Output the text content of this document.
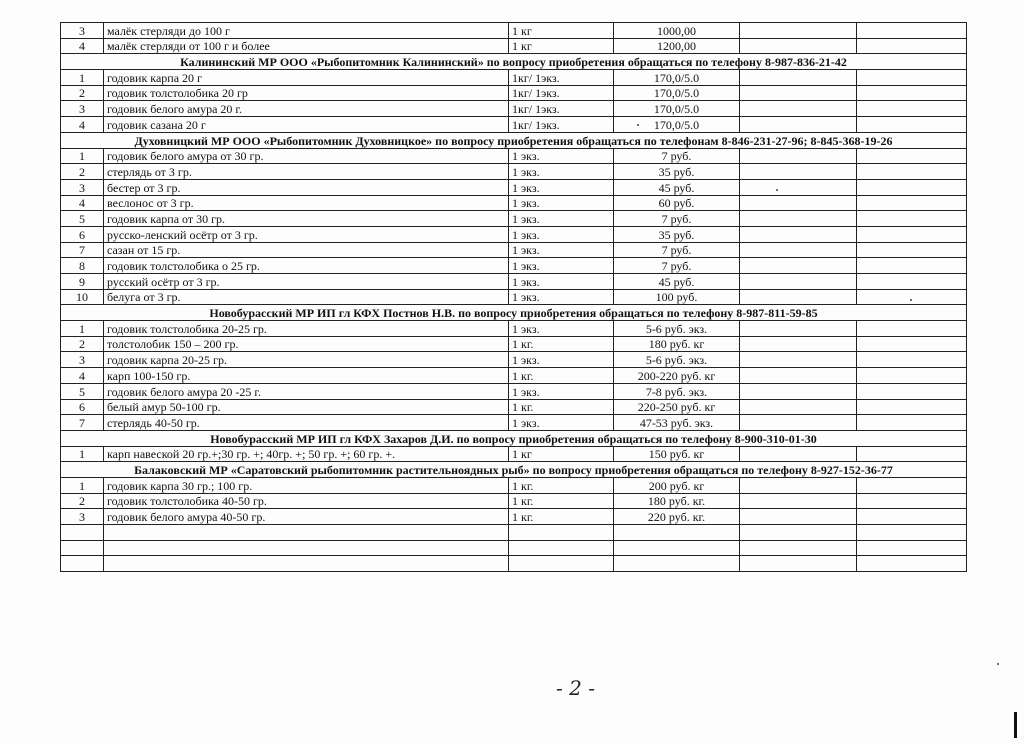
3	малёк стерляди до 100 г	1 кг	1000,00		
4	малёк стерляди от 100 г и более	1 кг	1200,00		
Калининский МР ООО «Рыбопитомник Калининский» по вопросу приобретения обращаться по телефону 8-987-836-21-42					
1	годовик карпа 20 г	1кг/ 1экз.	170,0/5.0		
2	годовик толстолобика 20 гр	1кг/ 1экз.	170,0/5.0		
3	годовик белого амура 20 г.	1кг/ 1экз.	170,0/5.0		
4	годовик сазана 20 г	1кг/ 1экз.	170,0/5.0		
Духовницкий МР ООО «Рыбопитомник Духовницкое» по вопросу приобретения обращаться по телефонам 8-846-231-27-96; 8-845-368-19-26					
1	годовик белого амура от 30 гр.	1 экз.	7 руб.		
2	стерлядь от 3 гр.	1 экз.	35 руб.		
3	бестер от 3 гр.	1 экз.	45 руб.		
4	веслонос от 3 гр.	1 экз.	60 руб.		
5	годовик карпа от 30 гр.	1 экз.	7 руб.		
6	русско-ленский осётр от 3 гр.	1 экз.	35 руб.		
7	сазан от 15 гр.	1 экз.	7 руб.		
8	годовик толстолобика о 25 гр.	1 экз.	7 руб.		
9	русский осётр от 3 гр.	1 экз.	45 руб.		
10	белуга от 3 гр.	1 экз.	100 руб.		
Новобурасский МР ИП гл КФХ Постнов Н.В. по вопросу приобретения обращаться по телефону 8-987-811-59-85					
1	годовик толстолобика 20-25 гр.	1 экз.	5-6 руб. экз.		
2	толстолобик 150 – 200 гр.	1 кг.	180 руб. кг		
3	годовик карпа 20-25 гр.	1 экз.	5-6 руб. экз.		
4	карп 100-150 гр.	1 кг.	200-220 руб. кг		
5	годовик белого амура 20 -25 г.	1 экз.	7-8 руб. экз.		
6	белый амур 50-100 гр.	1 кг.	220-250 руб. кг		
7	стерлядь 40-50 гр.	1 экз.	47-53 руб. экз.		
Новобурасский МР ИП гл КФХ Захаров Д.И. по вопросу приобретения обращаться по телефону 8-900-310-01-30					
1	карп навеской 20 гр.+;30 гр. +; 40гр. +; 50 гр. +; 60 гр. +.	1 кг	150 руб. кг		
Балаковский МР «Саратовский рыбопитомник растительноядных рыб» по вопросу приобретения обращаться по телефону 8-927-152-36-77					
1	годовик карпа 30 гр.; 100 гр.	1 кг.	200 руб. кг		
2	годовик толстолобика 40-50 гр.	1 кг.	180 руб. кг.		
3	годовик белого амура 40-50 гр.	1 кг.	220 руб. кг.		

- 2 -
